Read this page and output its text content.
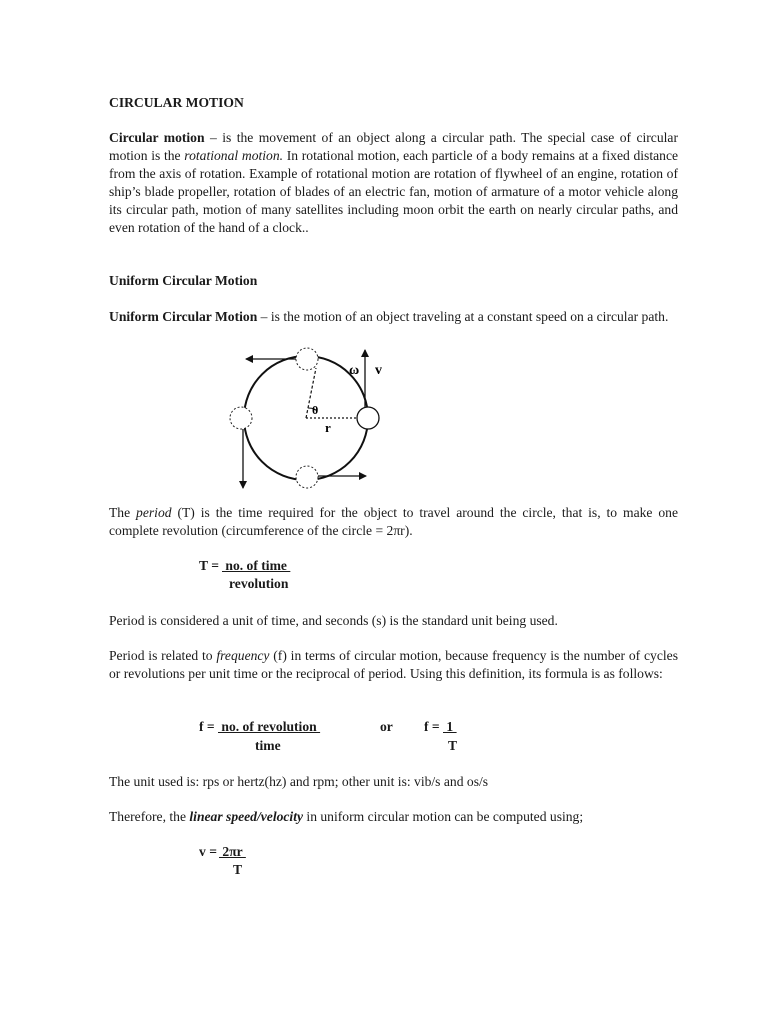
CIRCULAR MOTION
Circular motion – is the movement of an object along a circular path. The special case of circular motion is the rotational motion. In rotational motion, each particle of a body remains at a fixed distance from the axis of rotation. Example of rotational motion are rotation of flywheel of an engine, rotation of ship’s blade propeller, rotation of blades of an electric fan, motion of armature of a motor vehicle along its circular path, motion of many satellites including moon orbit the earth on nearly circular paths, and even rotation of the hand of a clock..
Uniform Circular Motion
Uniform Circular Motion – is the motion of an object traveling at a constant speed on a circular path.
ω v
θ
r
The period (T) is the time required for the object to travel around the circle, that is, to make one complete revolution (circumference of the circle = 2πr).
T = no. of time
revolution
Period is considered a unit of time, and seconds (s) is the standard unit being used.
Period is related to frequency (f) in terms of circular motion, because frequency is the number of cycles or revolutions per unit time or the reciprocal of period. Using this definition, its formula is as follows:
f = no. of revolution
time
or f = 1
T
The unit used is: rps or hertz(hz) and rpm; other unit is: vib/s and os/s
Therefore, the linear speed/velocity in uniform circular motion can be computed using;
v =
2πr
T
